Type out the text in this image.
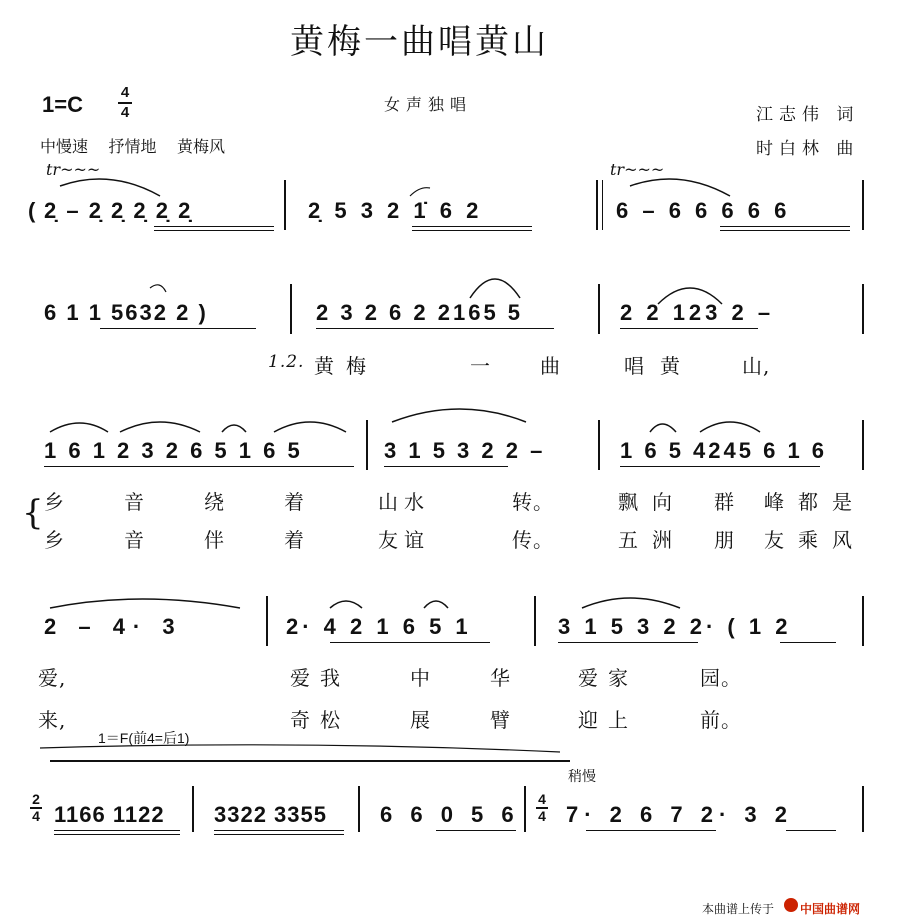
黄梅一曲唱黄山
1=C	4
4	女声独唱
江志伟 词
时白林 曲
中慢速 抒情地 黄梅风
tr~~~	tr~~~
( 2̣ – 2̣ 2̣ 2̣ 2̣ 2̣	2̣ 5 3 2 1̇ 6 2	6 – 6 6 6 6 6
6 1 1 5632 2 )	2 3 2 6 2 2165 5	2 2 123 2 –
1.2. 黄 梅	一 曲	唱 黄	山,
1 6 1 2 3 2 6 5 1 6 5	3 1 5 3 2 2 –	1 6 5 4245 6 1 6
{ 乡	音	绕	着	山水	转。	飘向 群 峰都是
乡	音	伴	着	友谊	传。	五洲 朋 友乘风
2 – 4· 3	2· 4 2 1 6 5 1	3 1 5 3 2 2· ( 1 2
爱,	爱我	中	华	爱家	园。
来,	奇松	展	臂	迎上	前。
1＝F(前4=后1)
稍慢
2
4 1166 1122 3322 3355 6 6 0 5 6
4
4 7· 2 6 7 2· 3 2
本曲谱上传于 中国曲谱网
